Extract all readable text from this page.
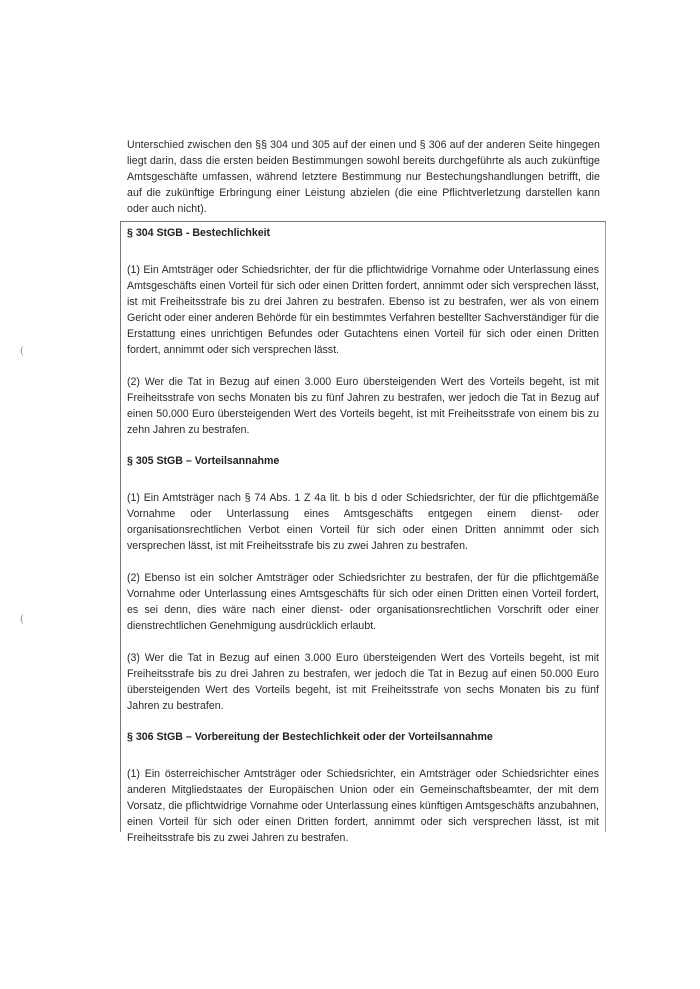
Unterschied zwischen den §§ 304 und 305 auf der einen und § 306 auf der anderen Seite hingegen liegt darin, dass die ersten beiden Bestimmungen sowohl bereits durchgeführte als auch zukünftige Amtsgeschäfte umfassen, während letztere Bestimmung nur Bestechungshandlungen betrifft, die auf die zukünftige Erbringung einer Leistung abzielen (die eine Pflichtverletzung darstellen kann oder auch nicht).

(
(

§ 304 StGB - Bestechlichkeit

(1) Ein Amtsträger oder Schiedsrichter, der für die pflichtwidrige Vornahme oder Unterlassung eines Amtsgeschäfts einen Vorteil für sich oder einen Dritten fordert, annimmt oder sich versprechen lässt, ist mit Freiheitsstrafe bis zu drei Jahren zu bestrafen. Ebenso ist zu bestrafen, wer als von einem Gericht oder einer anderen Behörde für ein bestimmtes Verfahren bestellter Sachverständiger für die Erstattung eines unrichtigen Befundes oder Gutachtens einen Vorteil für sich oder einen Dritten fordert, annimmt oder sich versprechen lässt.

(2) Wer die Tat in Bezug auf einen 3.000 Euro übersteigenden Wert des Vorteils begeht, ist mit Freiheitsstrafe von sechs Monaten bis zu fünf Jahren zu bestrafen, wer jedoch die Tat in Bezug auf einen 50.000 Euro übersteigenden Wert des Vorteils begeht, ist mit Freiheitsstrafe von einem bis zu zehn Jahren zu bestrafen.

§ 305 StGB – Vorteilsannahme

(1) Ein Amtsträger nach § 74 Abs. 1 Z 4a lit. b bis d oder Schiedsrichter, der für die pflichtgemäße Vornahme oder Unterlassung eines Amtsgeschäfts entgegen einem dienst- oder organisationsrechtlichen Verbot einen Vorteil für sich oder einen Dritten annimmt oder sich versprechen lässt, ist mit Freiheitsstrafe bis zu zwei Jahren zu bestrafen.

(2) Ebenso ist ein solcher Amtsträger oder Schiedsrichter zu bestrafen, der für die pflichtgemäße Vornahme oder Unterlassung eines Amtsgeschäfts für sich oder einen Dritten einen Vorteil fordert, es sei denn, dies wäre nach einer dienst- oder organisationsrechtlichen Vorschrift oder einer dienstrechtlichen Genehmigung ausdrücklich erlaubt.

(3) Wer die Tat in Bezug auf einen 3.000 Euro übersteigenden Wert des Vorteils begeht, ist mit Freiheitsstrafe bis zu drei Jahren zu bestrafen, wer jedoch die Tat in Bezug auf einen 50.000 Euro übersteigenden Wert des Vorteils begeht, ist mit Freiheitsstrafe von sechs Monaten bis zu fünf Jahren zu bestrafen.

§ 306 StGB – Vorbereitung der Bestechlichkeit oder der Vorteilsannahme

(1) Ein österreichischer Amtsträger oder Schiedsrichter, ein Amtsträger oder Schiedsrichter eines anderen Mitgliedstaates der Europäischen Union oder ein Gemeinschaftsbeamter, der mit dem Vorsatz, die pflichtwidrige Vornahme oder Unterlassung eines künftigen Amtsgeschäfts anzubahnen, einen Vorteil für sich oder einen Dritten fordert, annimmt oder sich versprechen lässt, ist mit Freiheitsstrafe bis zu zwei Jahren zu bestrafen.
